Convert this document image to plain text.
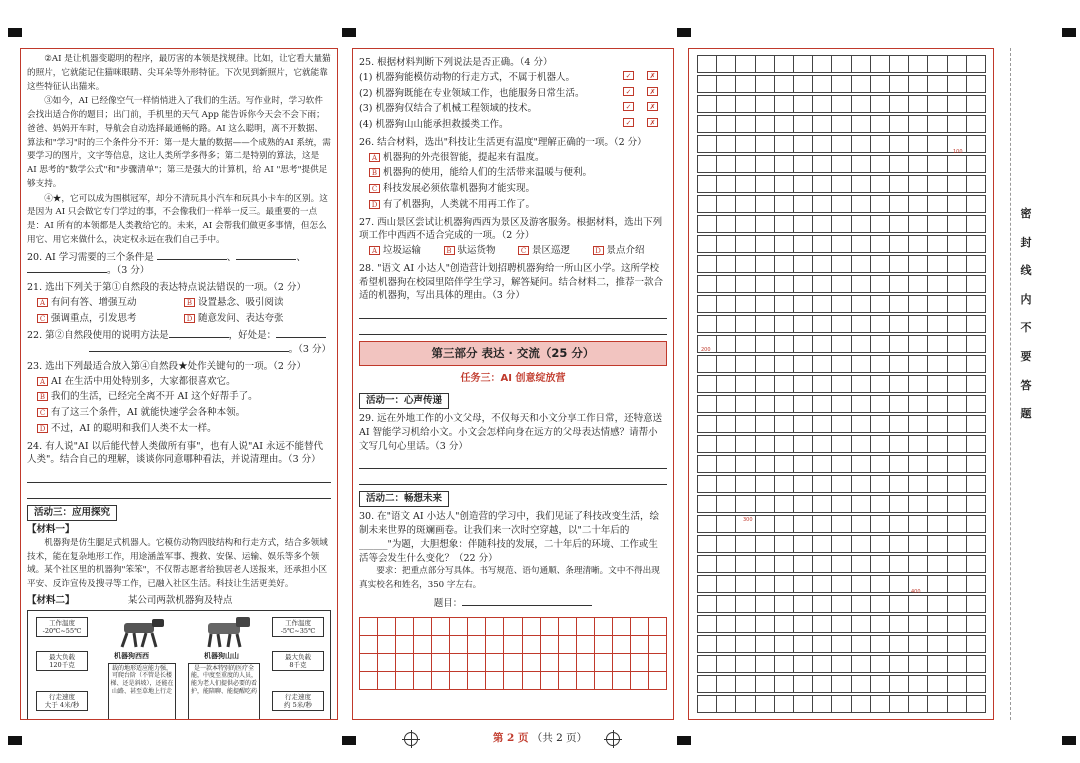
②AI 是让机器变聪明的程序，最厉害的本领是找规律。比如，让它看大量猫的照片，它就能记住猫咪眼睛、尖耳朵等外形特征。下次见到新照片，它就能靠这些特征认出猫来。
③如今，AI 已经像空气一样悄悄进入了我们的生活。写作业时，学习软件会找出适合你的题目；出门前，手机里的天气 App 能告诉你今天会不会下雨；爸爸、妈妈开车时，导航会自动选择最通畅的路。AI 这么聪明，离不开数据、算法和"学习"时的三个条件分不开：第一是大量的数据——个成熟的AI 系统，需要学习的图片，文字等信息，这让人类所学多得多；第二是特别的算法，这是 AI 思考的"数学公式"和"步骤清单"；第三是强大的计算机，给 AI "思考"提供足够支持。
④★，它可以成为围棋冠军，却分不清玩具小汽车和玩具小卡车的区别。这是因为 AI 只会做它专门学过的事，不会像我们一样举一反三。最重要的一点是：AI 所有的本领都是人类教给它的。未来，AI 会帮我们做更多事情，但怎么用它、用它来做什么，决定权永远在我们自己手中。
20. AI 学习需要的三个条件是	、	、
。（3 分）
21. 选出下列关于第①自然段的表达特点说法错误的一项。（2 分）
A 有问有答、增强互动	B 设置悬念、吸引阅读
C 强调重点，引发思考	D 随意发问、表达夸张
22. 第②自然段使用的说明方法是	，好处是：
。（3 分）
23. 选出下列最适合放入第④自然段★处作关键句的一项。（2 分）
A AI 在生活中用处特别多，大家都很喜欢它。
B 我们的生活，已经完全离不开 AI 这个好帮手了。
C 有了这三个条件，AI 就能快速学会各种本领。
D 不过，AI 的聪明和我们人类不太一样。
24. 有人说"AI 以后能代替人类做所有事"，也有人说"AI 永远不能替代人类"。结合自己的理解，谈谈你同意哪种看法，并说清理由。（3 分）
活动三：应用探究
【材料一】
机器狗是仿生腿足式机器人。它模仿动物四肢结构和行走方式，结合多领域技术，能在复杂地形工作，用途涵盖军事、搜救、安保、运输、娱乐等多个领域。某个社区里的机器狗"笨笨"，不仅帮志愿者给独居老人送报来，还承担小区平安、反诈宣传及搜寻等工作，已融入社区生活。科技让生活更美好。
【材料二】	某公司两款机器狗及特点
工作温度
-20℃~55℃
最大负载
120千克
行走速度
大于 4米/秒
机器狗西西
载的地形适应能力强，可爬台阶（不管是长楼梯、还是斜坡），还能在山路、甚至草地上行走
机器狗山山
是一款本特别的医疗全能，中度至重度的人员，能为老人们提供必要的看护，能陪聊、能提醒吃药
工作温度
-5℃~35℃
最大负载
8千克
行走速度
约 5米/秒
25. 根据材料判断下列说法是否正确。（4 分）
(1) 机器狗能模仿动物的行走方式，不属于机器人。	✓	✗
(2) 机器狗既能在专业领域工作，也能服务日常生活。	✓	✗
(3) 机器狗仅结合了机械工程领域的技术。	✓	✗
(4) 机器狗山山能承担救援类工作。	✓	✗
26. 结合材料，选出"科技让生活更有温度"理解正确的一项。（2 分）
A 机器狗的外壳很智能，提起来有温度。
B 机器狗的使用，能给人们的生活带来温暖与便利。
C 科技发展必须依靠机器狗才能实现。
D 有了机器狗，人类就不用再工作了。
27. 西山景区尝试让机器狗西西为景区及游客服务。根据材料，选出下列项工作中西西不适合完成的一项。（2 分）
A 垃圾运输	B 驮运货物	C 景区巡逻	D 景点介绍
28. "语文 AI 小达人"创造营计划招聘机器狗给一所山区小学。这所学校希望机器狗在校园里陪伴学生学习，解答疑问。结合材料二，推荐一款合适的机器狗，写出具体的理由。（3 分）
第三部分 表达 · 交流（25 分）
任务三：AI 创意绽放营
活动一：心声传递
29. 远在外地工作的小文父母，不仅每天和小文分享工作日常，还特意送 AI 智能学习机给小文。小文会怎样向身在远方的父母表达情感？请帮小文写几句心里话。（3 分）
活动二：畅想未来
30. 在"语文 AI 小达人"创造营的学习中，我们见证了科技改变生活，绘制未来世界的斑斓画卷。让我们来一次时空穿越，以"二十年后的______"为题，大胆想象：伴随科技的发展，二十年后的环境、工作或生活等会发生什么变化？（22 分）
要求：把重点部分写具体。书写规范、语句通顺、条理清晰。文中不得出现真实校名和姓名，350 字左右。
题目：
100
200
300
400
密
封
线
内
不
要
答
题
第 2 页 （共 2 页）
